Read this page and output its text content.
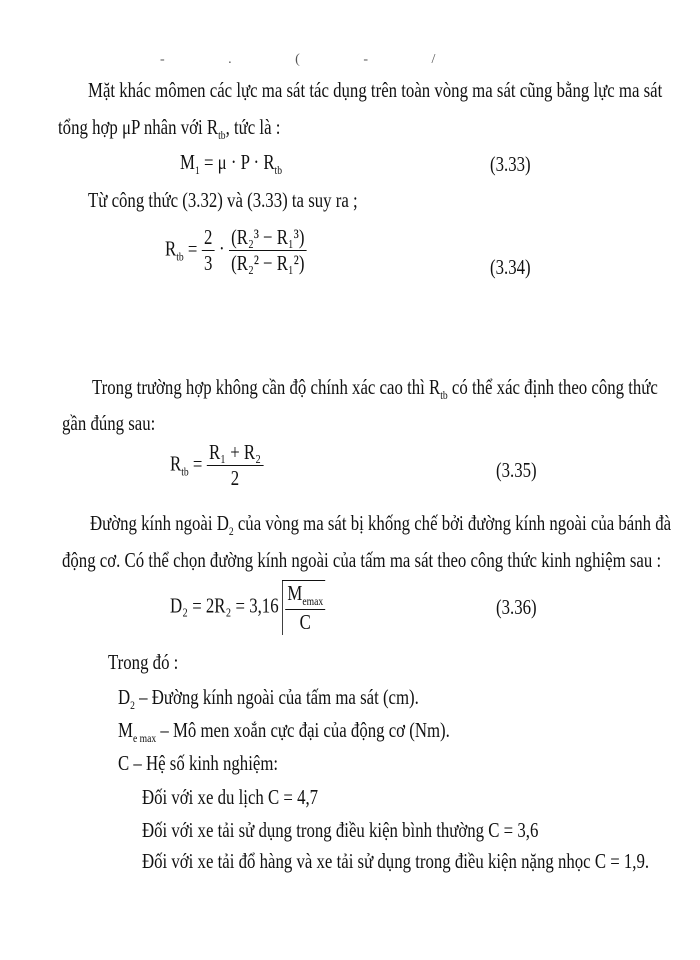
- . ( - /
Mặt khác mômen các lực ma sát tác dụng trên toàn vòng ma sát cũng bằng lực ma sát
tổng hợp μP nhân với $R_{tb}$, tức là :
$M_1 = \mu \cdot P \cdot R_{tb}$	(3.33)
Từ công thức (3.32) và (3.33) ta suy ra ;
$R_{tb} = \frac{2}{3} \cdot \frac{\text{(R₂³ − R₁³)}}{\text{(R₂² − R₁²)}}$	(3.34)
Trong trường hợp không cần độ chính xác cao thì $R_{tb}$ có thể xác định theo công thức
gần đúng sau:
$R_{tb} = \frac{\text{R₁ + R₂}}{2}$	(3.35)
Đường kính ngoài $D_2$ của vòng ma sát bị khống chế bởi đường kính ngoài của bánh đà
động cơ. Có thể chọn đường kính ngoài của tấm ma sát theo công thức kinh nghiệm sau :
$D_2 = 2R_2 = 3,16 \frac{M_{emax}}{C}$	(3.36)
Trong đó :
$D_2$ – Đường kính ngoài của tấm ma sát (cm).
$M_{e max}$ – Mô men xoắn cực đại của động cơ (Nm).
C – Hệ số kinh nghiệm:
Đối với xe du lịch C = 4,7
Đối với xe tải sử dụng trong điều kiện bình thường C = 3,6
Đối với xe tải đổ hàng và xe tải sử dụng trong điều kiện nặng nhọc C = 1,9.
